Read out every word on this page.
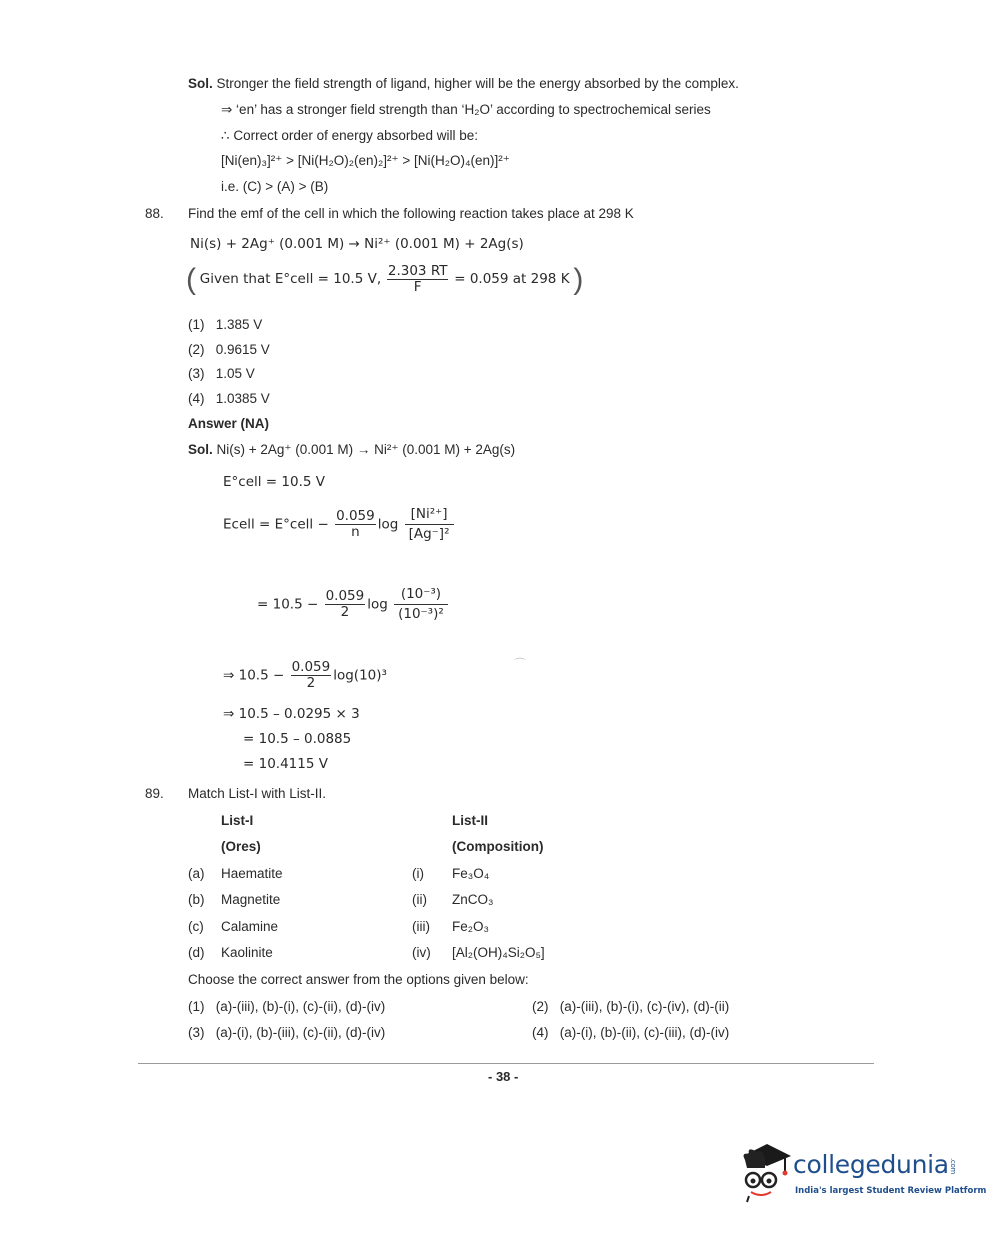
Sol. Stronger the field strength of ligand, higher will be the energy absorbed by the complex.
⇒ ‘en’ has a stronger field strength than ‘H₂O’ according to spectrochemical series
∴ Correct order of energy absorbed will be:
[Ni(en)₃]²⁺ > [Ni(H₂O)₂(en)₂]²⁺ > [Ni(H₂O)₄(en)]²⁺
i.e. (C) > (A) > (B)
88. Find the emf of the cell in which the following reaction takes place at 298 K
Ni(s) + 2Ag⁺ (0.001 M) → Ni²⁺ (0.001 M) + 2Ag(s)
( Given that E°cell = 10.5 V, $\frac{2.303 RT}{F} = 0.059$ at 298 K )
(1) 1.385 V
(2) 0.9615 V
(3) 1.05 V
(4) 1.0385 V
Answer (NA)
Sol. Ni(s) + 2Ag⁺ (0.001 M) → Ni²⁺ (0.001 M) + 2Ag(s)
E°cell = 10.5 V
Ecell = E°cell − $\frac{0.059}{n}$ $\log \frac{\text{[Ni²⁺]}}{\text{[Ag⁻]²}}$
= $10.5 - \frac{0.059}{2}$ $\log \frac{\text{(10⁻³)}}{\text{(10⁻³)²}}$
⇒ $10.5 - \frac{0.059}{2} \log(10)^3$
⇒ 10.5 – 0.0295 × 3
= 10.5 – 0.0885
= 10.4115 V
⌒
89. Match List-I with List-II.
List-I	List-II
(Ores)	(Composition)
(a) Haematite	(i) Fe₃O₄
(b) Magnetite	(ii) ZnCO₃
(c) Calamine	(iii) Fe₂O₃
(d) Kaolinite	(iv) [Al₂(OH)₄Si₂O₅]
Choose the correct answer from the options given below:
(1) (a)-(iii), (b)-(i), (c)-(ii), (d)-(iv)	(2) (a)-(iii), (b)-(i), (c)-(iv), (d)-(ii)
(3) (a)-(i), (b)-(iii), (c)-(ii), (d)-(iv)	(4) (a)-(i), (b)-(ii), (c)-(iii), (d)-(iv)
- 38 -
collegedunia.com
India's largest Student Review Platform
